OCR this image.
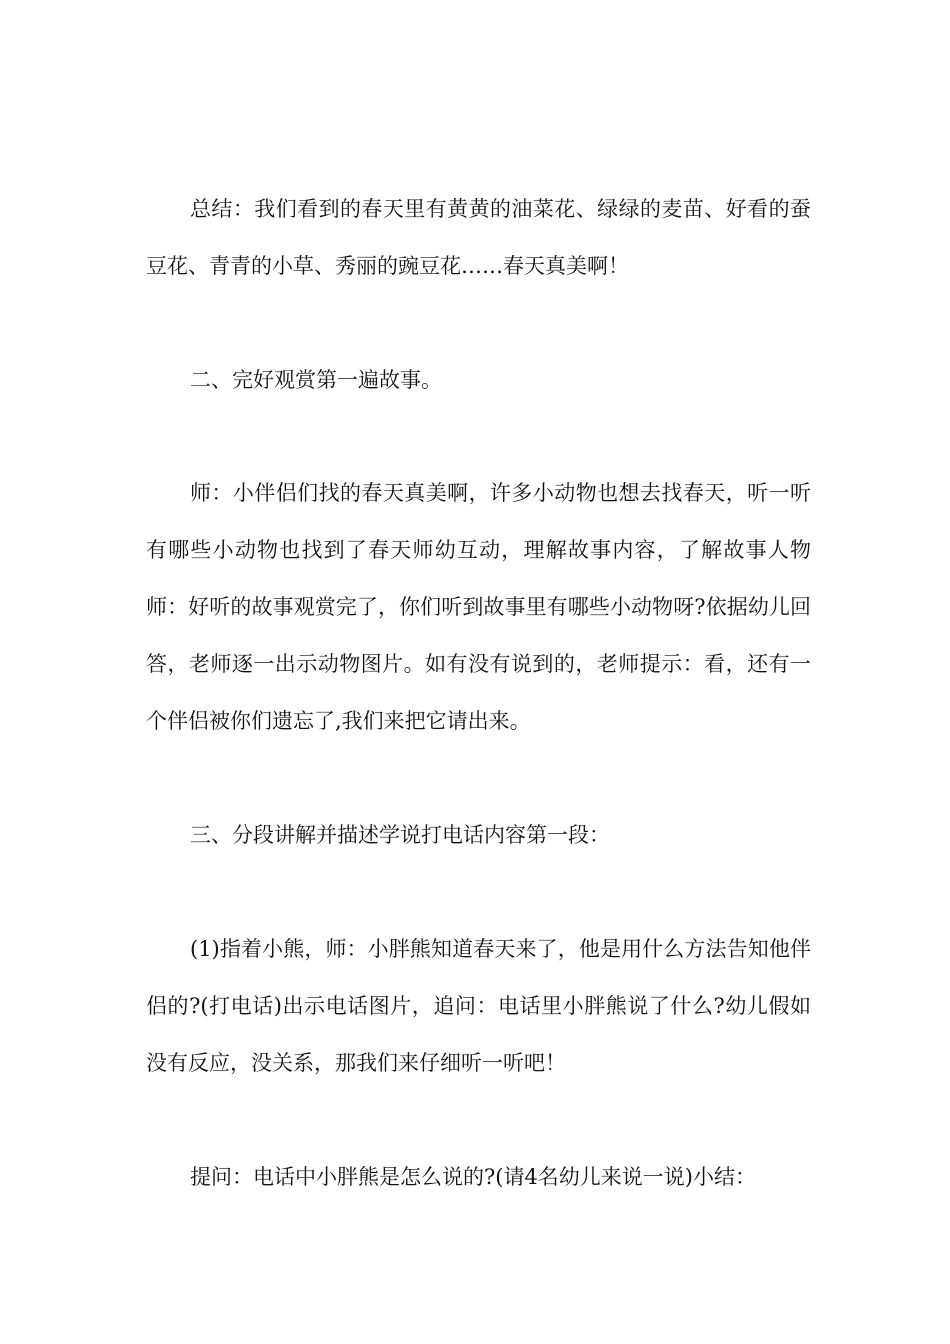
总结：我们看到的春天里有黄黄的油菜花、绿绿的麦苗、好看的蚕豆花、青青的小草、秀丽的豌豆花……春天真美啊！

二、完好观赏第一遍故事。

师：小伴侣们找的春天真美啊，许多小动物也想去找春天，听一听有哪些小动物也找到了春天师幼互动，理解故事内容，了解故事人物师：好听的故事观赏完了，你们听到故事里有哪些小动物呀?依据幼儿回答，老师逐一出示动物图片。如有没有说到的，老师提示：看，还有一个伴侣被你们遗忘了,我们来把它请出来。

三、分段讲解并描述学说打电话内容第一段：

(1)指着小熊，师：小胖熊知道春天来了，他是用什么方法告知他伴侣的?(打电话)出示电话图片，追问：电话里小胖熊说了什么?幼儿假如没有反应，没关系，那我们来仔细听一听吧！

提问：电话中小胖熊是怎么说的?(请4名幼儿来说一说)小结：
